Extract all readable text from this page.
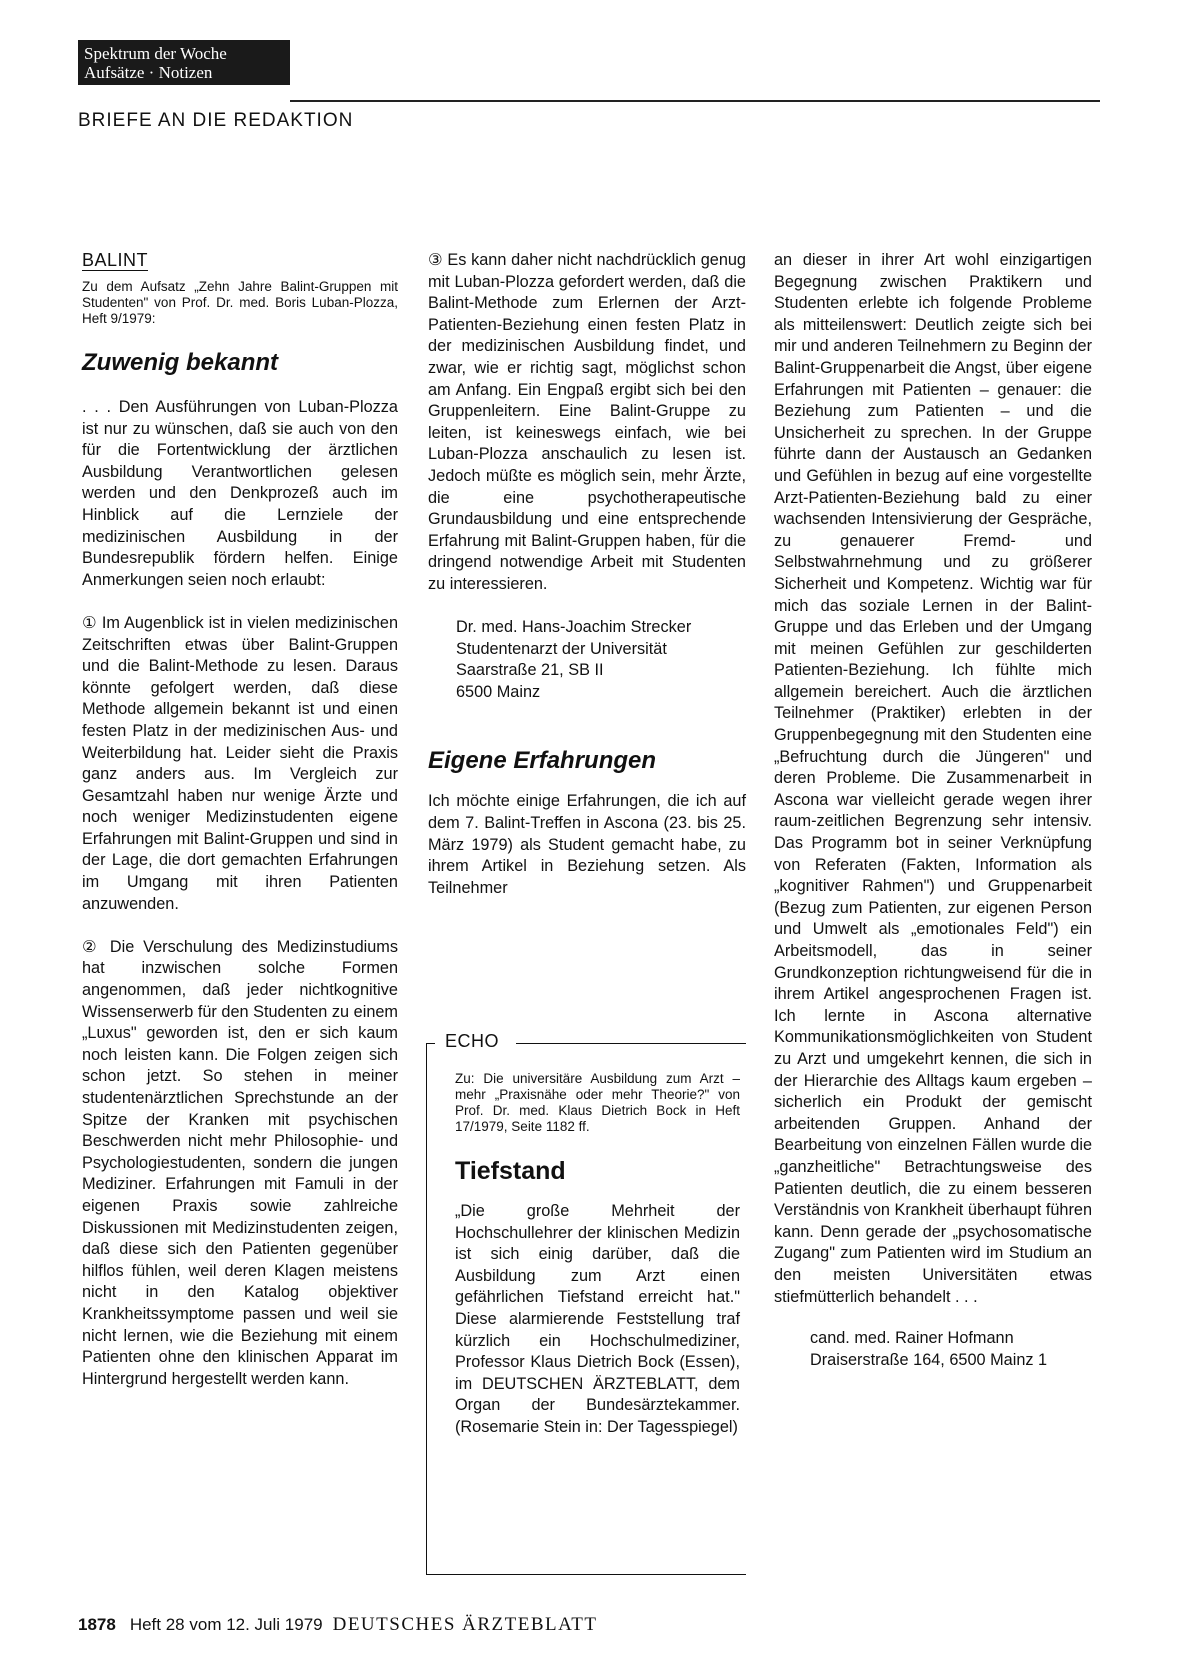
Spektrum der Woche
Aufsätze · Notizen
BRIEFE AN DIE REDAKTION

BALINT

Zu dem Aufsatz „Zehn Jahre Balint-Gruppen mit Studenten" von Prof. Dr. med. Boris Luban-Plozza, Heft 9/1979:

Zuwenig bekannt

. . . Den Ausführungen von Luban-Plozza ist nur zu wünschen, daß sie auch von den für die Fortentwicklung der ärztlichen Ausbildung Verantwortlichen gelesen werden und den Denkprozeß auch im Hinblick auf die Lernziele der medizinischen Ausbildung in der Bundesrepublik fördern helfen. Einige Anmerkungen seien noch erlaubt:

① Im Augenblick ist in vielen medizinischen Zeitschriften etwas über Balint-Gruppen und die Balint-Methode zu lesen. Daraus könnte gefolgert werden, daß diese Methode allgemein bekannt ist und einen festen Platz in der medizinischen Aus- und Weiterbildung hat. Leider sieht die Praxis ganz anders aus. Im Vergleich zur Gesamtzahl haben nur wenige Ärzte und noch weniger Medizinstudenten eigene Erfahrungen mit Balint-Gruppen und sind in der Lage, die dort gemachten Erfahrungen im Umgang mit ihren Patienten anzuwenden.

② Die Verschulung des Medizinstudiums hat inzwischen solche Formen angenommen, daß jeder nichtkognitive Wissenserwerb für den Studenten zu einem „Luxus" geworden ist, den er sich kaum noch leisten kann. Die Folgen zeigen sich schon jetzt. So stehen in meiner studentenärztlichen Sprechstunde an der Spitze der Kranken mit psychischen Beschwerden nicht mehr Philosophie- und Psychologiestudenten, sondern die jungen Mediziner. Erfahrungen mit Famuli in der eigenen Praxis sowie zahlreiche Diskussionen mit Medizinstudenten zeigen, daß diese sich den Patienten gegenüber hilflos fühlen, weil deren Klagen meistens nicht in den Katalog objektiver Krankheitssymptome passen und weil sie nicht lernen, wie die Beziehung mit einem Patienten ohne den klinischen Apparat im Hintergrund hergestellt werden kann.

③ Es kann daher nicht nachdrücklich genug mit Luban-Plozza gefordert werden, daß die Balint-Methode zum Erlernen der Arzt-Patienten-Beziehung einen festen Platz in der medizinischen Ausbildung findet, und zwar, wie er richtig sagt, möglichst schon am Anfang. Ein Engpaß ergibt sich bei den Gruppenleitern. Eine Balint-Gruppe zu leiten, ist keineswegs einfach, wie bei Luban-Plozza anschaulich zu lesen ist. Jedoch müßte es möglich sein, mehr Ärzte, die eine psychotherapeutische Grundausbildung und eine entsprechende Erfahrung mit Balint-Gruppen haben, für die dringend notwendige Arbeit mit Studenten zu interessieren.

Dr. med. Hans-Joachim Strecker
Studentenarzt der Universität
Saarstraße 21, SB II
6500 Mainz

Eigene Erfahrungen

Ich möchte einige Erfahrungen, die ich auf dem 7. Balint-Treffen in Ascona (23. bis 25. März 1979) als Student gemacht habe, zu ihrem Artikel in Beziehung setzen. Als Teilnehmer

ECHO

Zu: Die universitäre Ausbildung zum Arzt – mehr „Praxisnähe oder mehr Theorie?" von Prof. Dr. med. Klaus Dietrich Bock in Heft 17/1979, Seite 1182 ff.

Tiefstand

„Die große Mehrheit der Hochschullehrer der klinischen Medizin ist sich einig darüber, daß die Ausbildung zum Arzt einen gefährlichen Tiefstand erreicht hat." Diese alarmierende Feststellung traf kürzlich ein Hochschulmediziner, Professor Klaus Dietrich Bock (Essen), im DEUTSCHEN ÄRZTEBLATT, dem Organ der Bundesärztekammer. (Rosemarie Stein in: Der Tagesspiegel)

an dieser in ihrer Art wohl einzigartigen Begegnung zwischen Praktikern und Studenten erlebte ich folgende Probleme als mitteilenswert: Deutlich zeigte sich bei mir und anderen Teilnehmern zu Beginn der Balint-Gruppenarbeit die Angst, über eigene Erfahrungen mit Patienten – genauer: die Beziehung zum Patienten – und die Unsicherheit zu sprechen. In der Gruppe führte dann der Austausch an Gedanken und Gefühlen in bezug auf eine vorgestellte Arzt-Patienten-Beziehung bald zu einer wachsenden Intensivierung der Gespräche, zu genauerer Fremd- und Selbstwahrnehmung und zu größerer Sicherheit und Kompetenz. Wichtig war für mich das soziale Lernen in der Balint-Gruppe und das Erleben und der Umgang mit meinen Gefühlen zur geschilderten Patienten-Beziehung. Ich fühlte mich allgemein bereichert. Auch die ärztlichen Teilnehmer (Praktiker) erlebten in der Gruppenbegegnung mit den Studenten eine „Befruchtung durch die Jüngeren" und deren Probleme. Die Zusammenarbeit in Ascona war vielleicht gerade wegen ihrer raum-zeitlichen Begrenzung sehr intensiv. Das Programm bot in seiner Verknüpfung von Referaten (Fakten, Information als „kognitiver Rahmen") und Gruppenarbeit (Bezug zum Patienten, zur eigenen Person und Umwelt als „emotionales Feld") ein Arbeitsmodell, das in seiner Grundkonzeption richtungweisend für die in ihrem Artikel angesprochenen Fragen ist. Ich lernte in Ascona alternative Kommunikationsmöglichkeiten von Student zu Arzt und umgekehrt kennen, die sich in der Hierarchie des Alltags kaum ergeben – sicherlich ein Produkt der gemischt arbeitenden Gruppen. Anhand der Bearbeitung von einzelnen Fällen wurde die „ganzheitliche" Betrachtungsweise des Patienten deutlich, die zu einem besseren Verständnis von Krankheit überhaupt führen kann. Denn gerade der „psychosomatische Zugang" zum Patienten wird im Studium an den meisten Universitäten etwas stiefmütterlich behandelt . . .

cand. med. Rainer Hofmann
Draiserstraße 164, 6500 Mainz 1

1878 Heft 28 vom 12. Juli 1979 DEUTSCHES ÄRZTEBLATT
